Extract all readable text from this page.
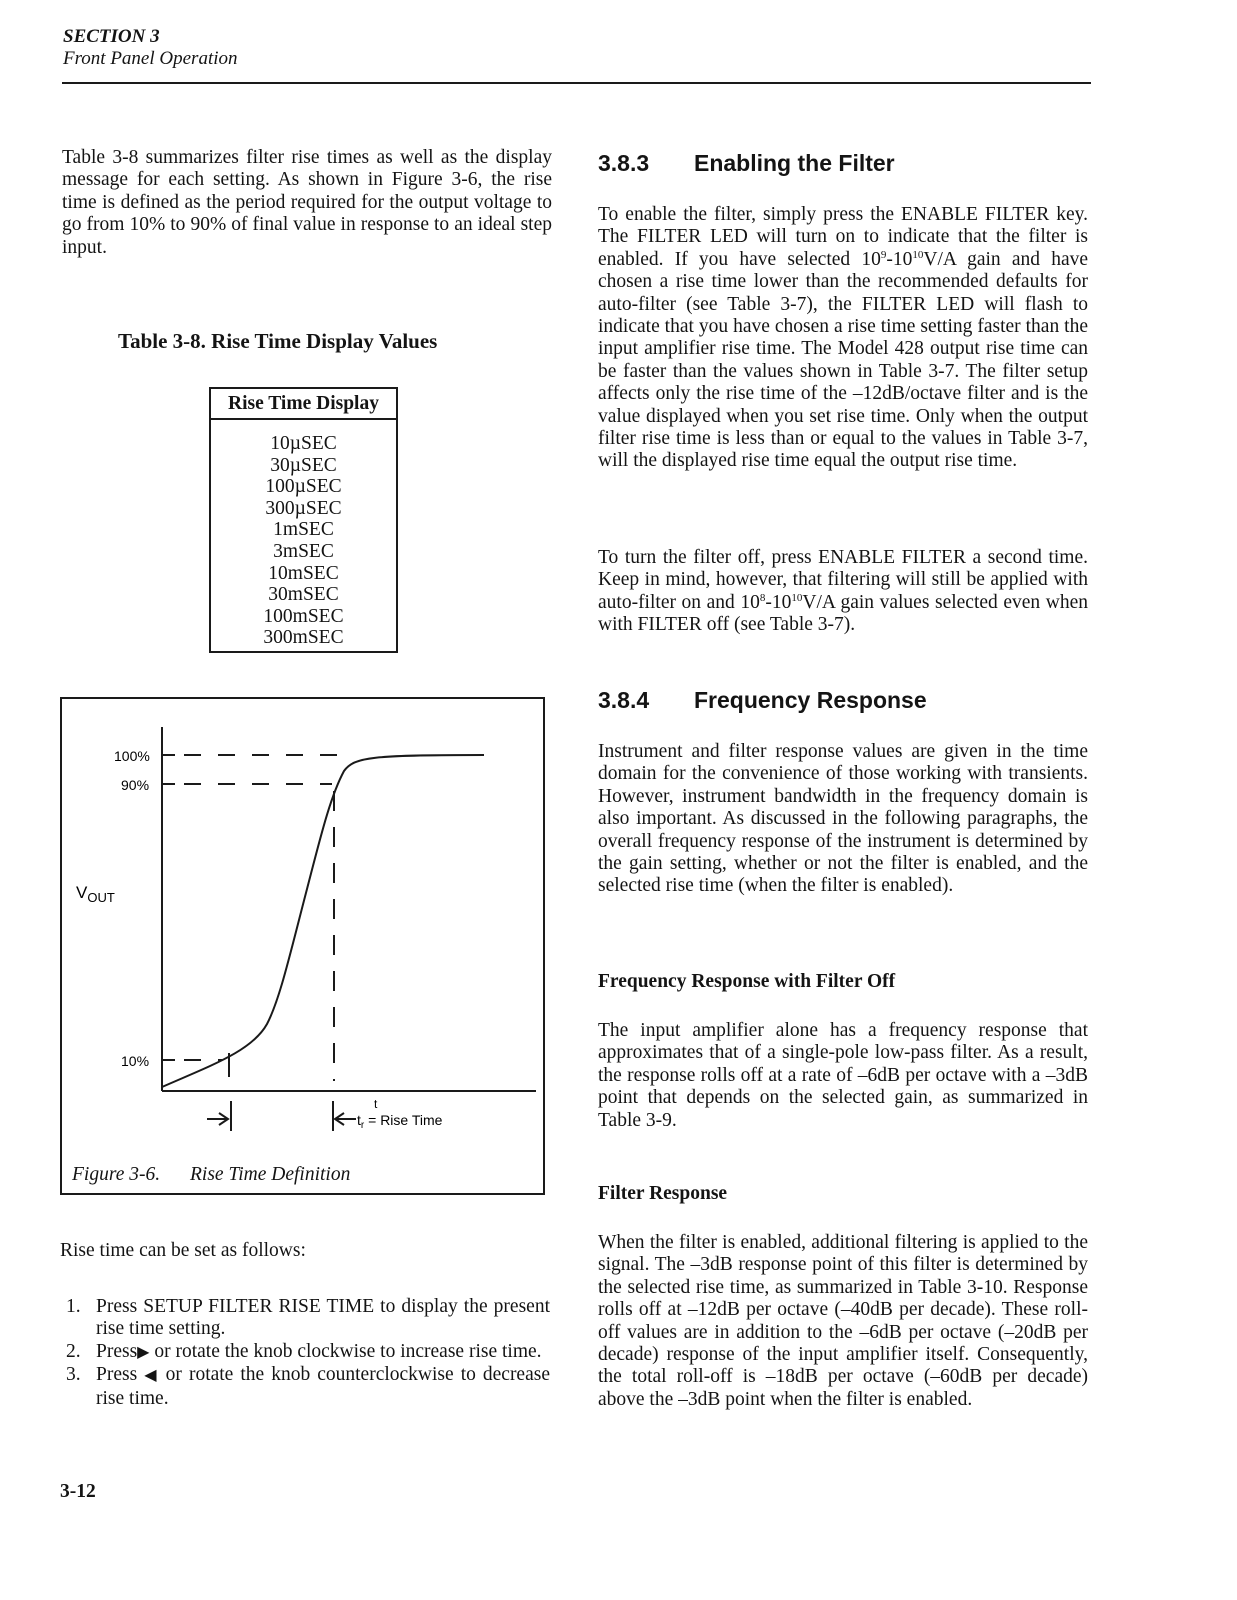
SECTION 3
Front Panel Operation
Table 3-8 summarizes filter rise times as well as the display message for each setting. As shown in Figure 3-6, the rise time is defined as the period required for the output voltage to go from 10% to 90% of final value in response to an ideal step input.
Table 3-8. Rise Time Display Values
Rise Time Display
10µSEC
30µSEC
100µSEC
300µSEC
1mSEC
3mSEC
10mSEC
30mSEC
100mSEC
300mSEC
100%
90%
10%
$V_{OUT}$
t
$t_r$ = Rise Time
Figure 3-6. Rise Time Definition
Rise time can be set as follows:
1. Press SETUP FILTER RISE TIME to display the present rise time setting.
2. Press▶ or rotate the knob clockwise to increase rise time.
3. Press ◀ or rotate the knob counterclockwise to decrease rise time.
3-12
3.8.3 Enabling the Filter
To enable the filter, simply press the ENABLE FILTER key. The FILTER LED will turn on to indicate that the filter is enabled. If you have selected $10^9-10^{10}V/A$ gain and have chosen a rise time lower than the recommended defaults for auto-filter (see Table 3-7), the FILTER LED will flash to indicate that you have chosen a rise time setting faster than the input amplifier rise time. The Model 428 output rise time can be faster than the values shown in Table 3-7. The filter setup affects only the rise time of the –12dB/octave filter and is the value displayed when you set rise time. Only when the output filter rise time is less than or equal to the values in Table 3-7, will the displayed rise time equal the output rise time.
To turn the filter off, press ENABLE FILTER a second time. Keep in mind, however, that filtering will still be applied with auto-filter on and $10^8-10^{10}V/A$ gain values selected even when with FILTER off (see Table 3-7).
3.8.4 Frequency Response
Instrument and filter response values are given in the time domain for the convenience of those working with transients. However, instrument bandwidth in the frequency domain is also important. As discussed in the following paragraphs, the overall frequency response of the instrument is determined by the gain setting, whether or not the filter is enabled, and the selected rise time (when the filter is enabled).
Frequency Response with Filter Off
The input amplifier alone has a frequency response that approximates that of a single-pole low-pass filter. As a result, the response rolls off at a rate of –6dB per octave with a –3dB point that depends on the selected gain, as summarized in Table 3-9.
Filter Response
When the filter is enabled, additional filtering is applied to the signal. The –3dB response point of this filter is determined by the selected rise time, as summarized in Table 3-10. Response rolls off at –12dB per octave (–40dB per decade). These roll-off values are in addition to the –6dB per octave (–20dB per decade) response of the input amplifier itself. Consequently, the total roll-off is –18dB per octave (–60dB per decade) above the –3dB point when the filter is enabled.
